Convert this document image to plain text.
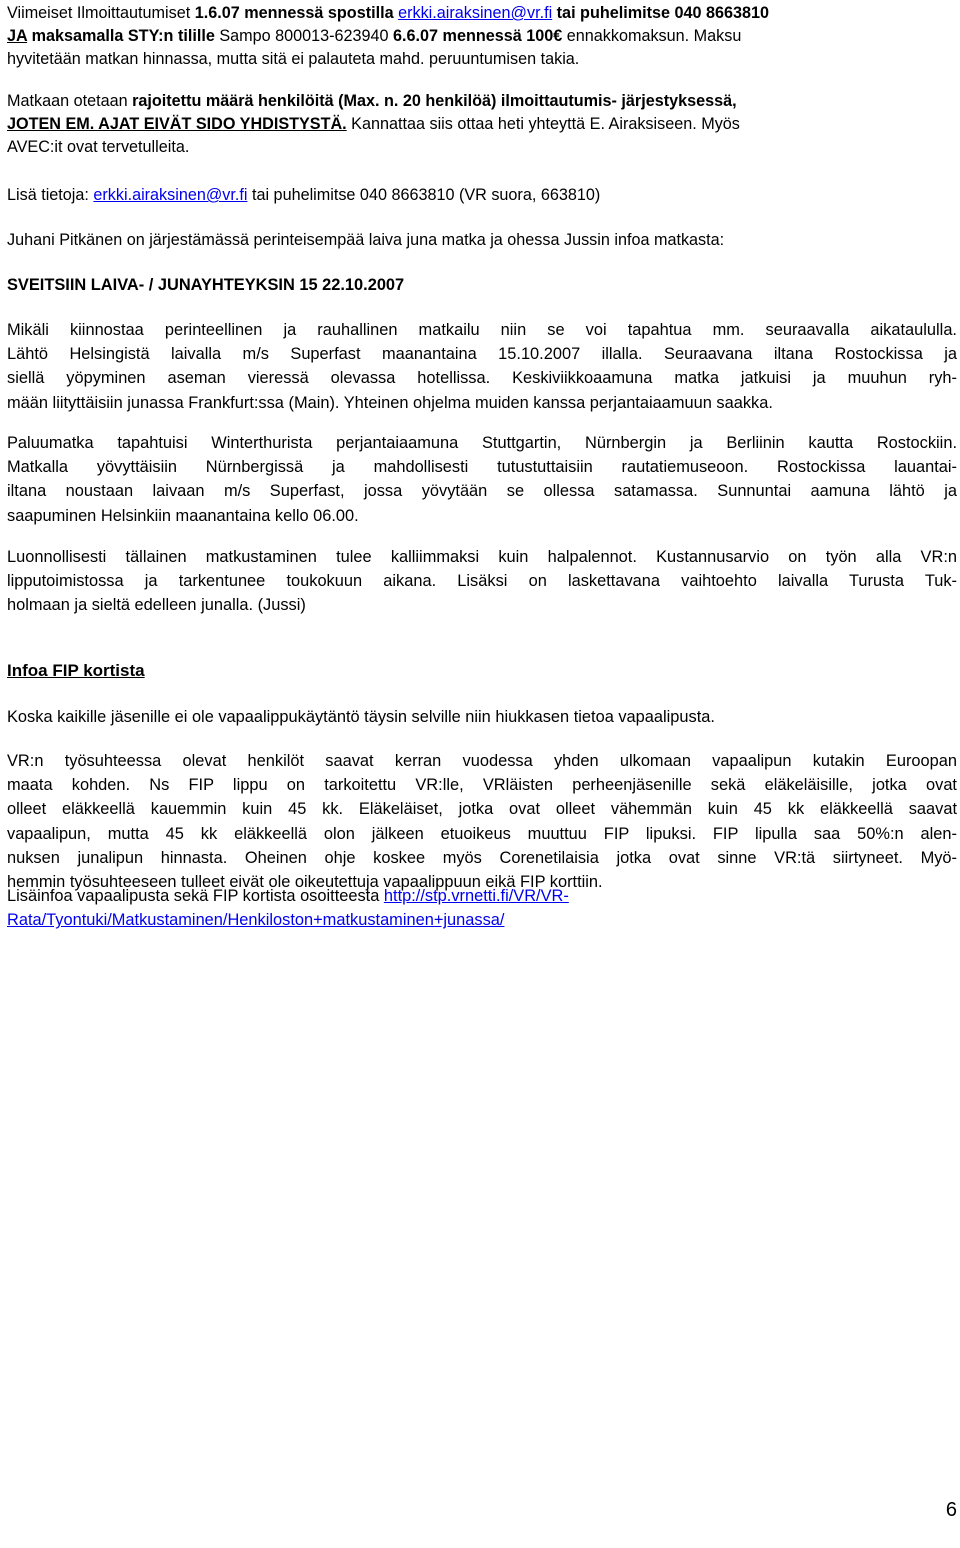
Viimeiset Ilmoittautumiset 1.6.07 mennessä spostilla erkki.airaksinen@vr.fi tai puhelimitse 040 8663810
JA maksamalla STY:n tilille Sampo 800013-623940 6.6.07 mennessä 100€ ennakkomaksun. Maksu
hyvitetään matkan hinnassa, mutta sitä ei palauteta mahd. peruuntumisen takia.
Matkaan otetaan rajoitettu määrä henkilöitä (Max. n. 20 henkilöä) ilmoittautumis- järjestyksessä,
JOTEN EM. AJAT EIVÄT SIDO YHDISTYSTÄ. Kannattaa siis ottaa heti yhteyttä E. Airaksiseen. Myös
AVEC:it ovat tervetulleita.
Lisä tietoja: erkki.airaksinen@vr.fi tai puhelimitse 040 8663810 (VR suora, 663810)
Juhani Pitkänen on järjestämässä perinteisempää laiva juna matka ja ohessa Jussin infoa matkasta:
SVEITSIIN LAIVA- / JUNAYHTEYKSIN 15 22.10.2007
Mikäli kiinnostaa perinteellinen ja rauhallinen matkailu niin se voi tapahtua mm. seuraavalla aikataululla.
Lähtö Helsingistä laivalla m/s Superfast maanantaina 15.10.2007 illalla. Seuraavana iltana Rostockissa ja
siellä yöpyminen aseman vieressä olevassa hotellissa. Keskiviikkoaamuna matka jatkuisi ja muuhun ryh-
mään liityttäisiin junassa Frankfurt:ssa (Main). Yhteinen ohjelma muiden kanssa perjantaiaamuun saakka.
Paluumatka tapahtuisi Winterthurista perjantaiaamuna Stuttgartin, Nürnbergin ja Berliinin kautta Rostockiin.
Matkalla yövyttäisiin Nürnbergissä ja mahdollisesti tutustuttaisiin rautatiemuseoon. Rostockissa lauantai-
iltana noustaan laivaan m/s Superfast, jossa yövytään se ollessa satamassa. Sunnuntai aamuna lähtö ja
saapuminen Helsinkiin maanantaina kello 06.00.
Luonnollisesti tällainen matkustaminen tulee kalliimmaksi kuin halpalennot. Kustannusarvio on työn alla VR:n
lipputoimistossa ja tarkentunee toukokuun aikana. Lisäksi on laskettavana vaihtoehto laivalla Turusta Tuk-
holmaan ja sieltä edelleen junalla. (Jussi)
Infoa FIP kortista
Koska kaikille jäsenille ei ole vapaalippukäytäntö täysin selville niin hiukkasen tietoa vapaalipusta.
VR:n työsuhteessa olevat henkilöt saavat kerran vuodessa yhden ulkomaan vapaalipun kutakin Euroopan
maata kohden. Ns FIP lippu on tarkoitettu VR:lle, VRläisten perheenjäsenille sekä eläkeläisille, jotka ovat
olleet eläkkeellä kauemmin kuin 45 kk. Eläkeläiset, jotka ovat olleet vähemmän kuin 45 kk eläkkeellä saavat
vapaalipun, mutta 45 kk eläkkeellä olon jälkeen etuoikeus muuttuu FIP lipuksi. FIP lipulla saa 50%:n alen-
nuksen junalipun hinnasta. Oheinen ohje koskee myös Corenetilaisia jotka ovat sinne VR:tä siirtyneet. Myö-
hemmin työsuhteeseen tulleet eivät ole oikeutettuja vapaalippuun eikä FIP korttiin.
Lisäinfoa vapaalipusta sekä FIP kortista osoitteesta http://stp.vrnetti.fi/VR/VR-
Rata/Tyontuki/Matkustaminen/Henkiloston+matkustaminen+junassa/
6
